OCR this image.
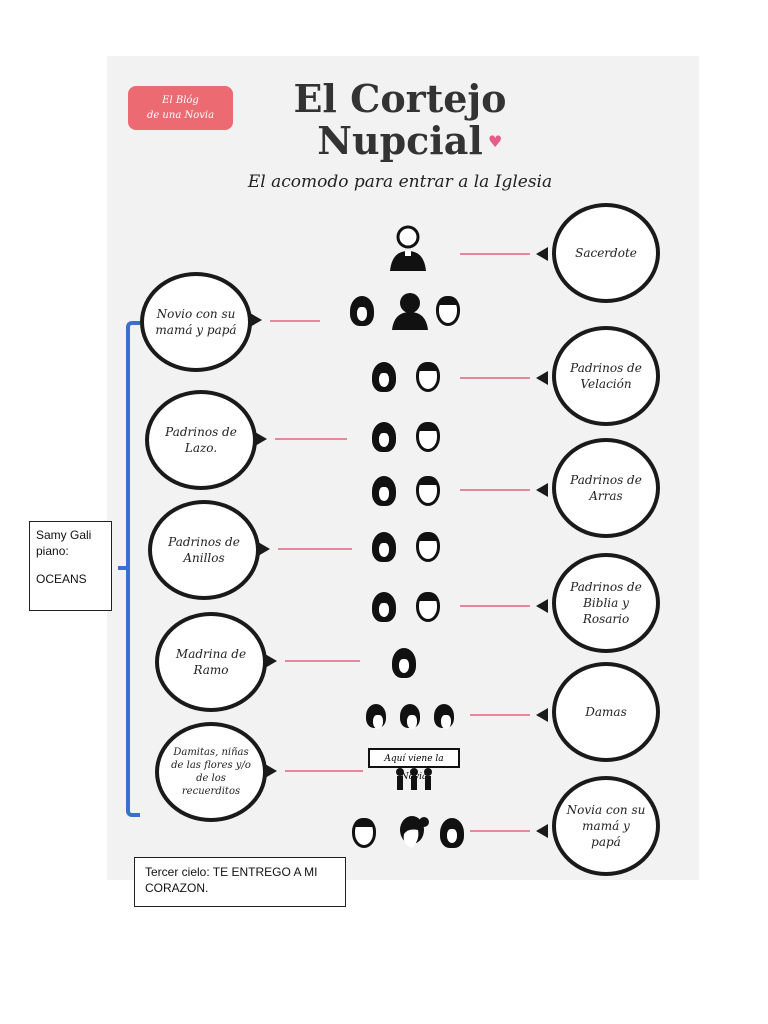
El Blóg
de una Novia	El Cortejo
Nupcial ♥
El acomodo para entrar a la Iglesia
Sacerdote
Novio con su mamá y papá
Padrinos de Velación
Padrinos de Lazo.
Padrinos de Arras
Padrinos de Anillos
Padrinos de Biblia y Rosario
Madrina de Ramo
Damas
Damitas, niñas de las flores y/o de los recuerditos
Aquí viene la
Novia con su mamá y papá

Samy Gali piano:

OCEANS

Tercer cielo: TE ENTREGO A MI CORAZON.
